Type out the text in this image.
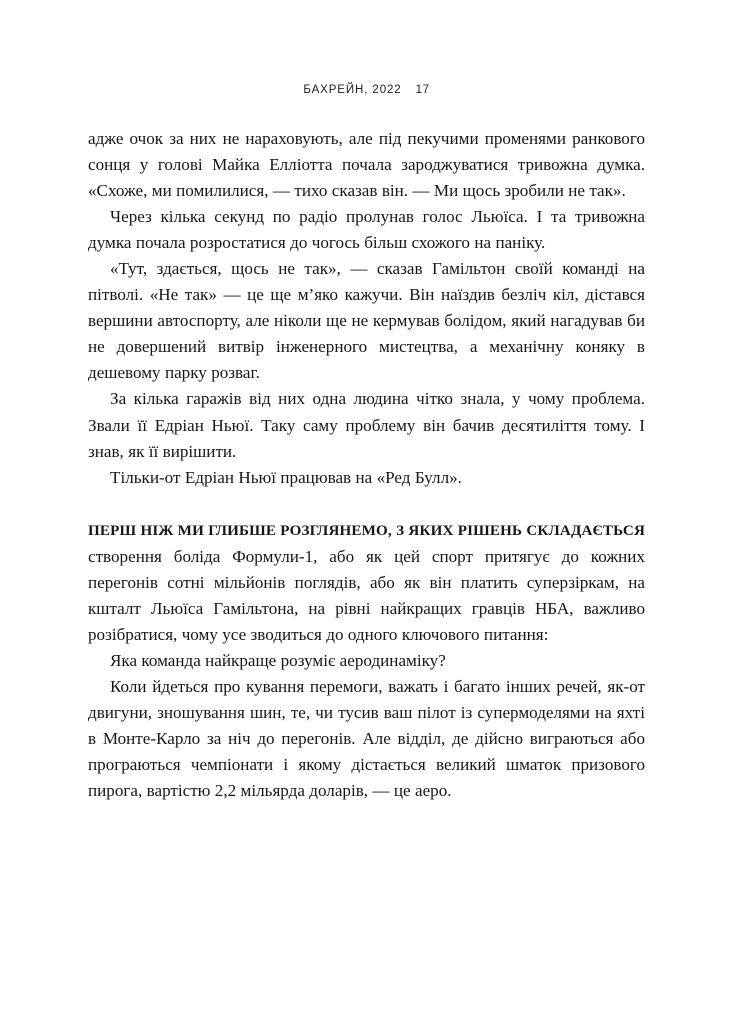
БАХРЕЙН, 2022 17

адже очок за них не нараховують, але під пекучими променями ранкового сонця у голові Майка Елліотта почала зароджуватися тривожна думка. «Схоже, ми помилилися, — тихо сказав він. — Ми щось зробили не так».

Через кілька секунд по радіо пролунав голос Льюїса. І та тривожна думка почала розростатися до чогось більш схожого на паніку.

«Тут, здається, щось не так», — сказав Гамільтон своїй команді на пітволі. «Не так» — це ще м’яко кажучи. Він наїздив безліч кіл, дістався вершини автоспорту, але ніколи ще не кермував болідом, який нагадував би не довершений витвір інженерного мистецтва, а механічну коняку в дешевому парку розваг.

За кілька гаражів від них одна людина чітко знала, у чому проблема. Звали її Едріан Ньюї. Таку саму проблему він бачив десятиліття тому. І знав, як її вирішити.

Тільки-от Едріан Ньюї працював на «Ред Булл».

ПЕРШ НІЖ МИ ГЛИБШЕ РОЗГЛЯНЕМО, З ЯКИХ РІШЕНЬ СКЛАДАЄТЬСЯ створення боліда Формули-1, або як цей спорт притягує до кожних перегонів сотні мільйонів поглядів, або як він платить суперзіркам, на кшталт Льюїса Гамільтона, на рівні найкращих гравців НБА, важливо розібратися, чому усе зводиться до одного ключового питання:

Яка команда найкраще розуміє аеродинаміку?

Коли йдеться про кування перемоги, важать і багато інших речей, як-от двигуни, зношування шин, те, чи тусив ваш пілот із супермоделями на яхті в Монте-Карло за ніч до перегонів. Але відділ, де дійсно виграються або програються чемпіонати і якому дістається великий шматок призового пирога, вартістю 2,2 мільярда доларів, — це аеро.
